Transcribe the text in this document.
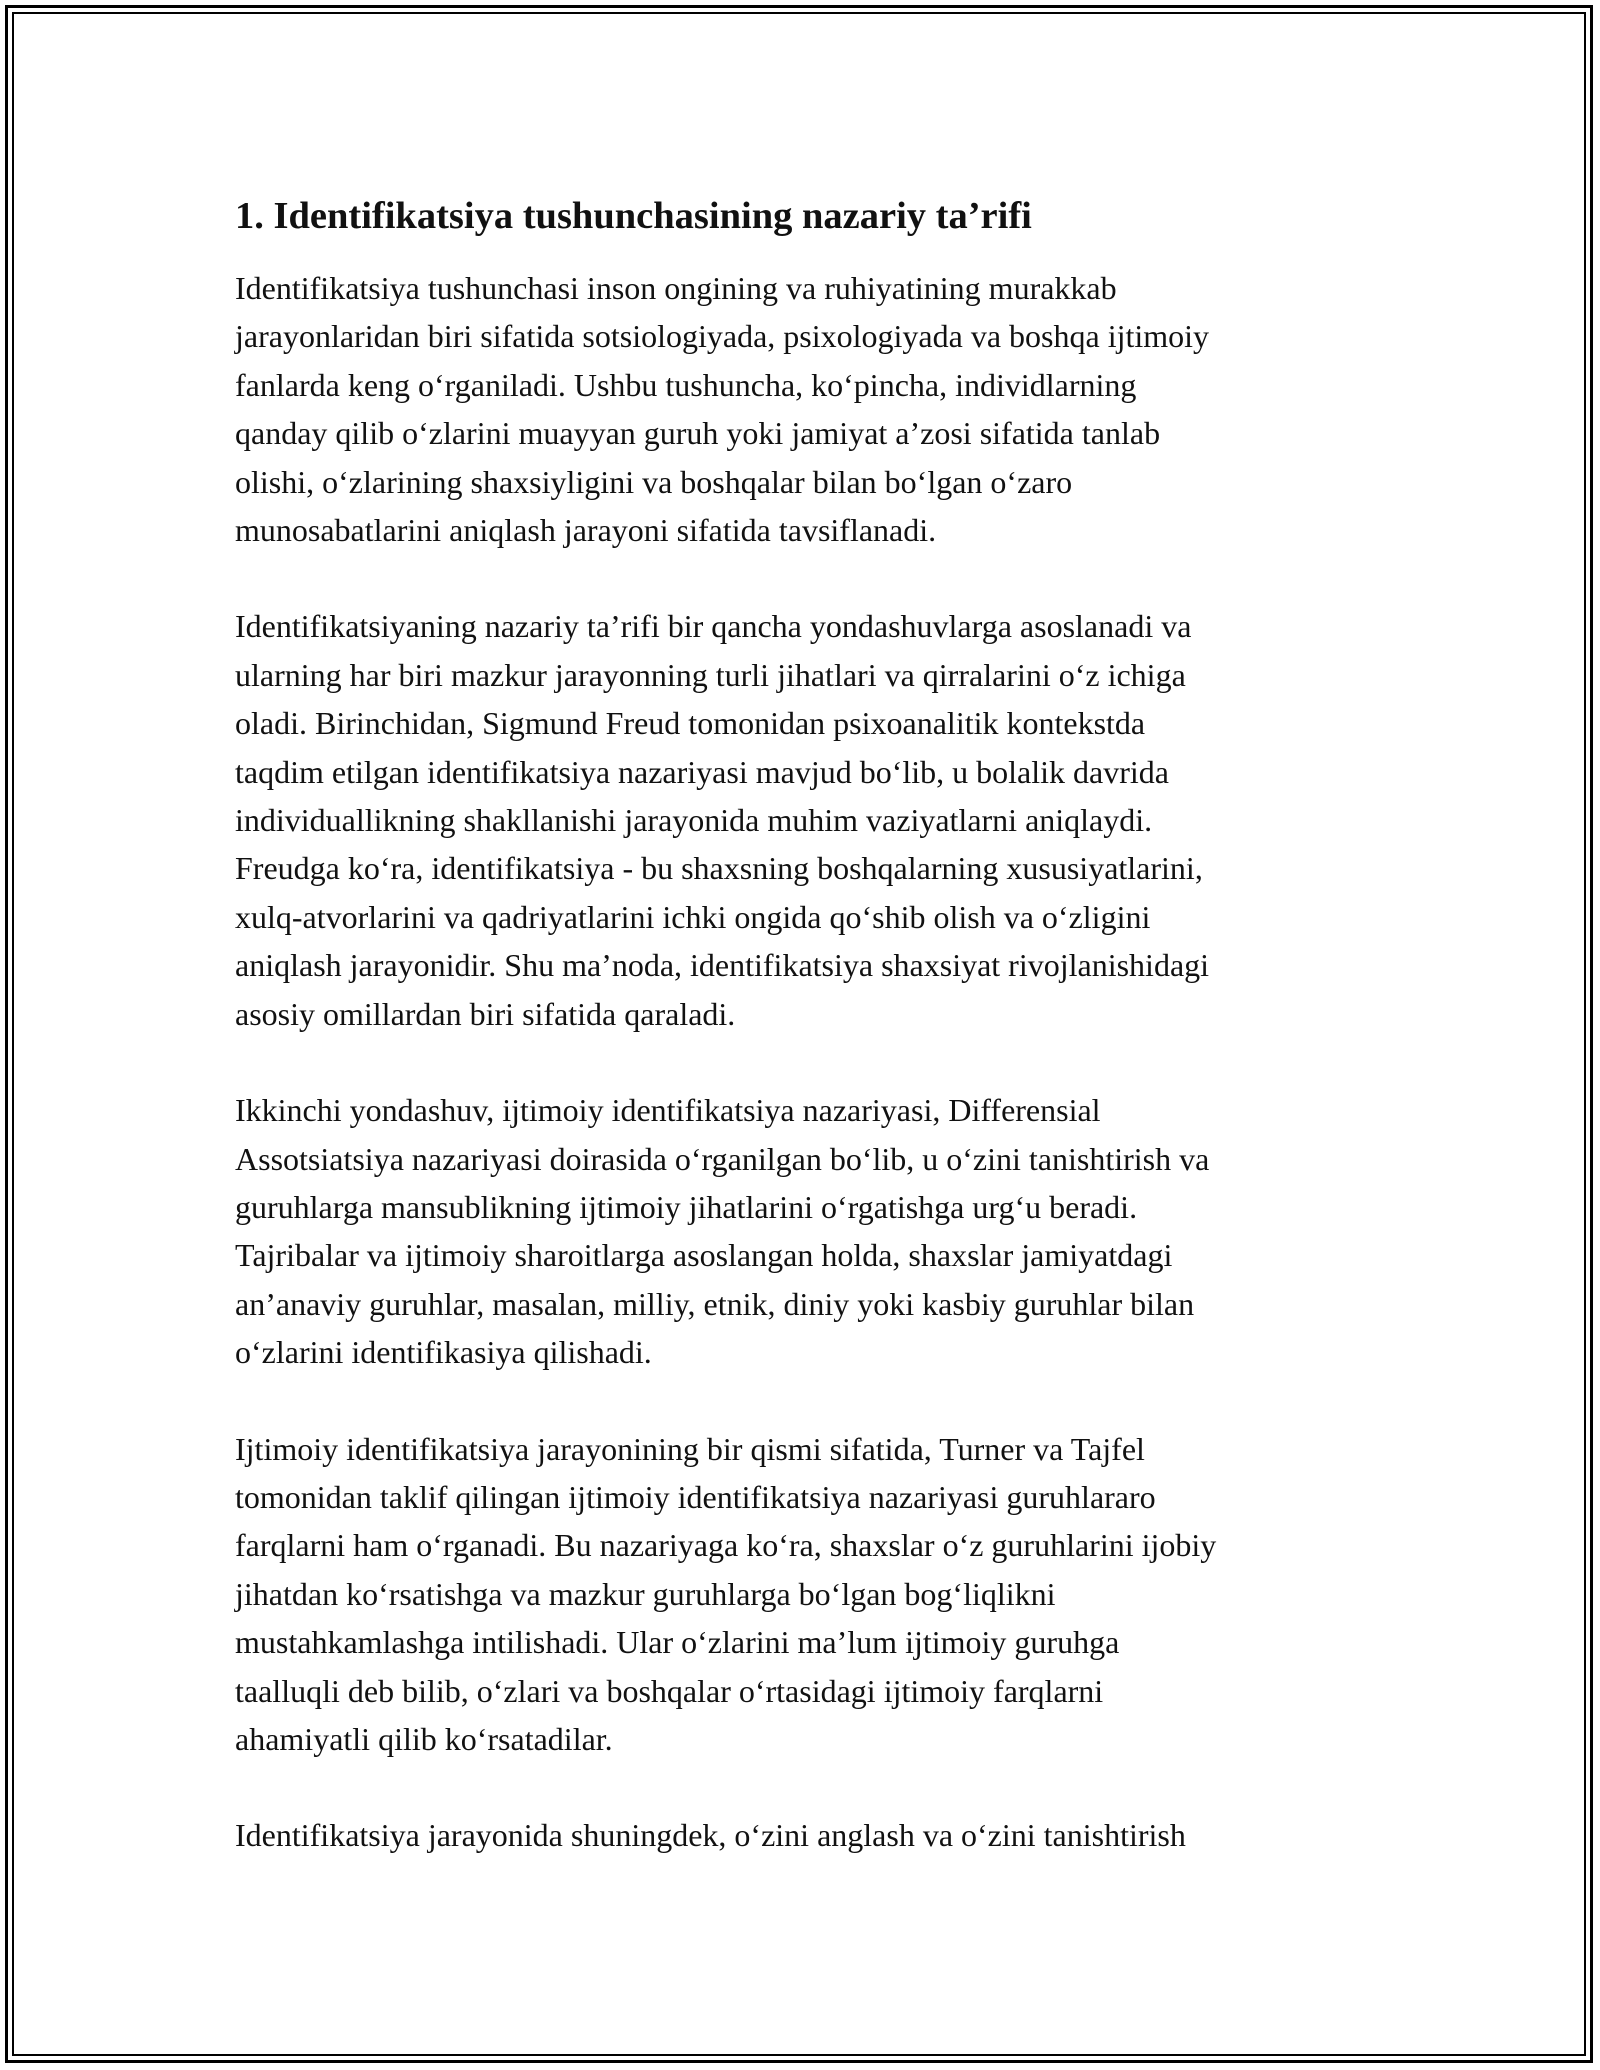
1. Identifikatsiya tushunchasining nazariy ta’rifi

Identifikatsiya tushunchasi inson ongining va ruhiyatining murakkab
jarayonlaridan biri sifatida sotsiologiyada, psixologiyada va boshqa ijtimoiy
fanlarda keng o‘rganiladi. Ushbu tushuncha, ko‘pincha, individlarning
qanday qilib o‘zlarini muayyan guruh yoki jamiyat a’zosi sifatida tanlab
olishi, o‘zlarining shaxsiyligini va boshqalar bilan bo‘lgan o‘zaro
munosabatlarini aniqlash jarayoni sifatida tavsiflanadi.

Identifikatsiyaning nazariy ta’rifi bir qancha yondashuvlarga asoslanadi va
ularning har biri mazkur jarayonning turli jihatlari va qirralarini o‘z ichiga
oladi. Birinchidan, Sigmund Freud tomonidan psixoanalitik kontekstda
taqdim etilgan identifikatsiya nazariyasi mavjud bo‘lib, u bolalik davrida
individuallikning shakllanishi jarayonida muhim vaziyatlarni aniqlaydi.
Freudga ko‘ra, identifikatsiya - bu shaxsning boshqalarning xususiyatlarini,
xulq-atvorlarini va qadriyatlarini ichki ongida qo‘shib olish va o‘zligini
aniqlash jarayonidir. Shu ma’noda, identifikatsiya shaxsiyat rivojlanishidagi
asosiy omillardan biri sifatida qaraladi.

Ikkinchi yondashuv, ijtimoiy identifikatsiya nazariyasi, Differensial
Assotsiatsiya nazariyasi doirasida o‘rganilgan bo‘lib, u o‘zini tanishtirish va
guruhlarga mansublikning ijtimoiy jihatlarini o‘rgatishga urg‘u beradi.
Tajribalar va ijtimoiy sharoitlarga asoslangan holda, shaxslar jamiyatdagi
an’anaviy guruhlar, masalan, milliy, etnik, diniy yoki kasbiy guruhlar bilan
o‘zlarini identifikasiya qilishadi.

Ijtimoiy identifikatsiya jarayonining bir qismi sifatida, Turner va Tajfel
tomonidan taklif qilingan ijtimoiy identifikatsiya nazariyasi guruhlararo
farqlarni ham o‘rganadi. Bu nazariyaga ko‘ra, shaxslar o‘z guruhlarini ijobiy
jihatdan ko‘rsatishga va mazkur guruhlarga bo‘lgan bog‘liqlikni
mustahkamlashga intilishadi. Ular o‘zlarini ma’lum ijtimoiy guruhga
taalluqli deb bilib, o‘zlari va boshqalar o‘rtasidagi ijtimoiy farqlarni
ahamiyatli qilib ko‘rsatadilar.

Identifikatsiya jarayonida shuningdek, o‘zini anglash va o‘zini tanishtirish
